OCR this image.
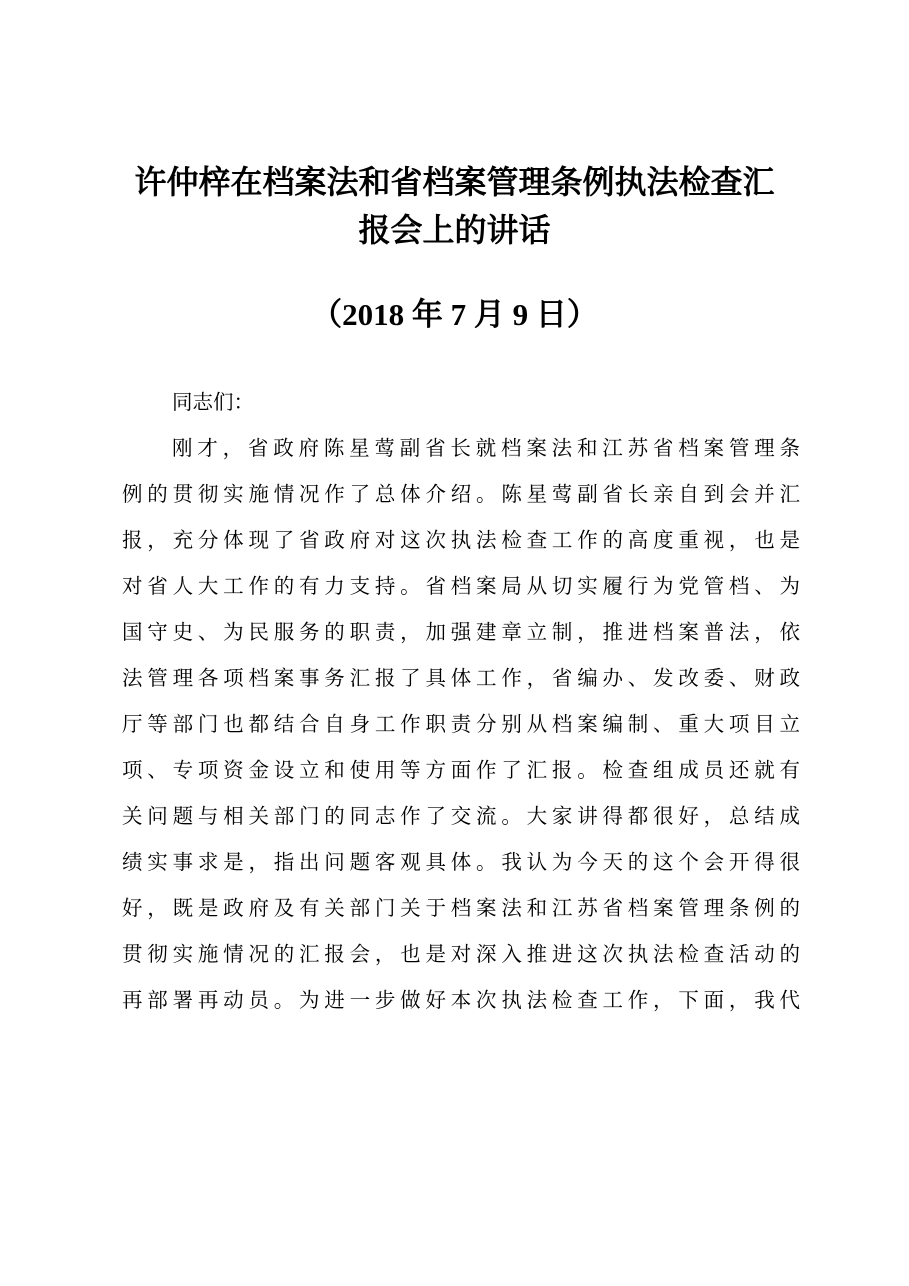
许仲梓在档案法和省档案管理条例执法检查汇
报会上的讲话
（2018 年 7 月 9 日）
同志们：
刚才，省政府陈星莺副省长就档案法和江苏省档案管理条
例的贯彻实施情况作了总体介绍。陈星莺副省长亲自到会并汇
报，充分体现了省政府对这次执法检查工作的高度重视，也是
对省人大工作的有力支持。省档案局从切实履行为党管档、为
国守史、为民服务的职责，加强建章立制，推进档案普法，依
法管理各项档案事务汇报了具体工作，省编办、发改委、财政
厅等部门也都结合自身工作职责分别从档案编制、重大项目立
项、专项资金设立和使用等方面作了汇报。检查组成员还就有
关问题与相关部门的同志作了交流。大家讲得都很好，总结成
绩实事求是，指出问题客观具体。我认为今天的这个会开得很
好，既是政府及有关部门关于档案法和江苏省档案管理条例的
贯彻实施情况的汇报会，也是对深入推进这次执法检查活动的
再部署再动员。为进一步做好本次执法检查工作，下面，我代
